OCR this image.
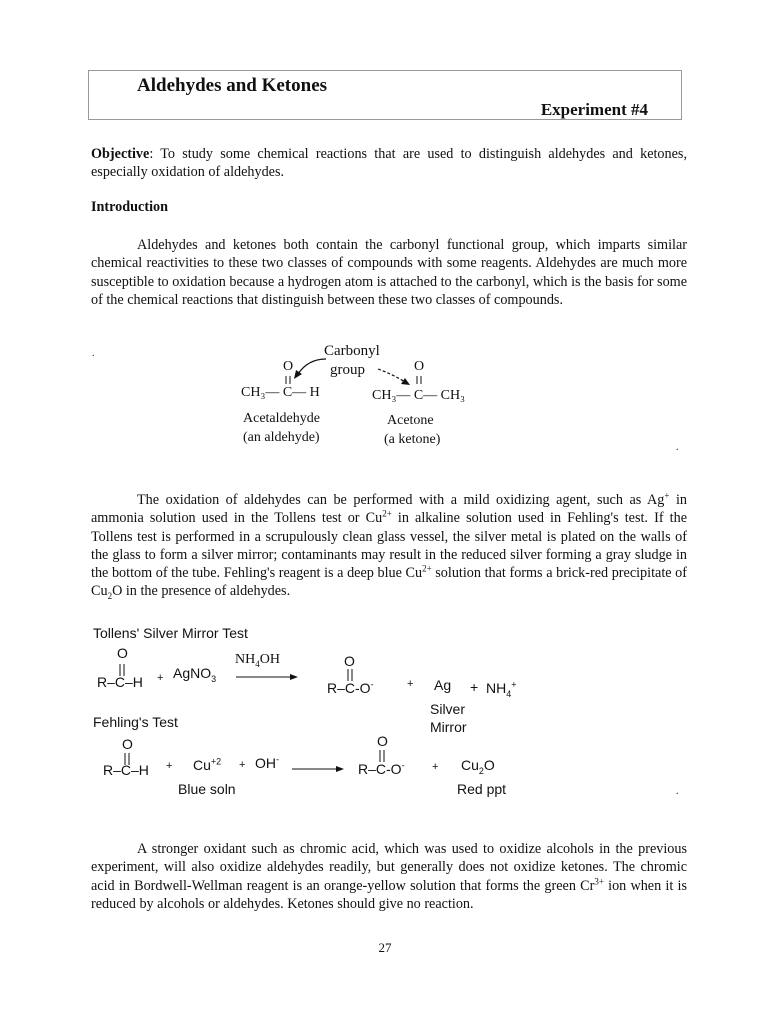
Aldehydes and Ketones
Experiment #4
Objective: To study some chemical reactions that are used to distinguish aldehydes and ketones, especially oxidation of aldehydes.
Introduction
Aldehydes and ketones both contain the carbonyl functional group, which imparts similar chemical reactivities to these two classes of compounds with some reagents. Aldehydes are much more susceptible to oxidation because a hydrogen atom is attached to the carbonyl, which is the basis for some of the chemical reactions that distinguish between these two classes of compounds.
.
.
Carbonyl
group
O	O
CH₃— C— H	CH₃— C— CH₃
Acetaldehyde
(an aldehyde)
Acetone
(a ketone)
The oxidation of aldehydes can be performed with a mild oxidizing agent, such as Ag+ in ammonia solution used in the Tollens test or $Cu^{2+}$ in alkaline solution used in Fehling's test. If the Tollens test is performed in a scrupulously clean glass vessel, the silver metal is plated on the walls of the glass to form a silver mirror; contaminants may result in the reduced silver forming a gray sludge in the bottom of the tube. Fehling's reagent is a deep blue $Cu^{2+}$ solution that forms a brick-red precipitate of $Cu_2O$ in the presence of aldehydes.
Tollens' Silver Mirror Test
O
R–C–H + AgNO$_3$
$NH_4OH$	O
R–C-O-	+ $Ag + NH_4^+$
Silver
Mirror
Fehling's Test
O
$R-C-H + Cu^{+2} + OH^-$
O
$R-C-O^- + Cu_2O$
Blue soln	Red ppt	.
A stronger oxidant such as chromic acid, which was used to oxidize alcohols in the previous experiment, will also oxidize aldehydes readily, but generally does not oxidize ketones. The chromic acid in Bordwell-Wellman reagent is an orange-yellow solution that forms the green $Cr^{3+}$ ion when it is reduced by alcohols or aldehydes. Ketones should give no reaction.
27
